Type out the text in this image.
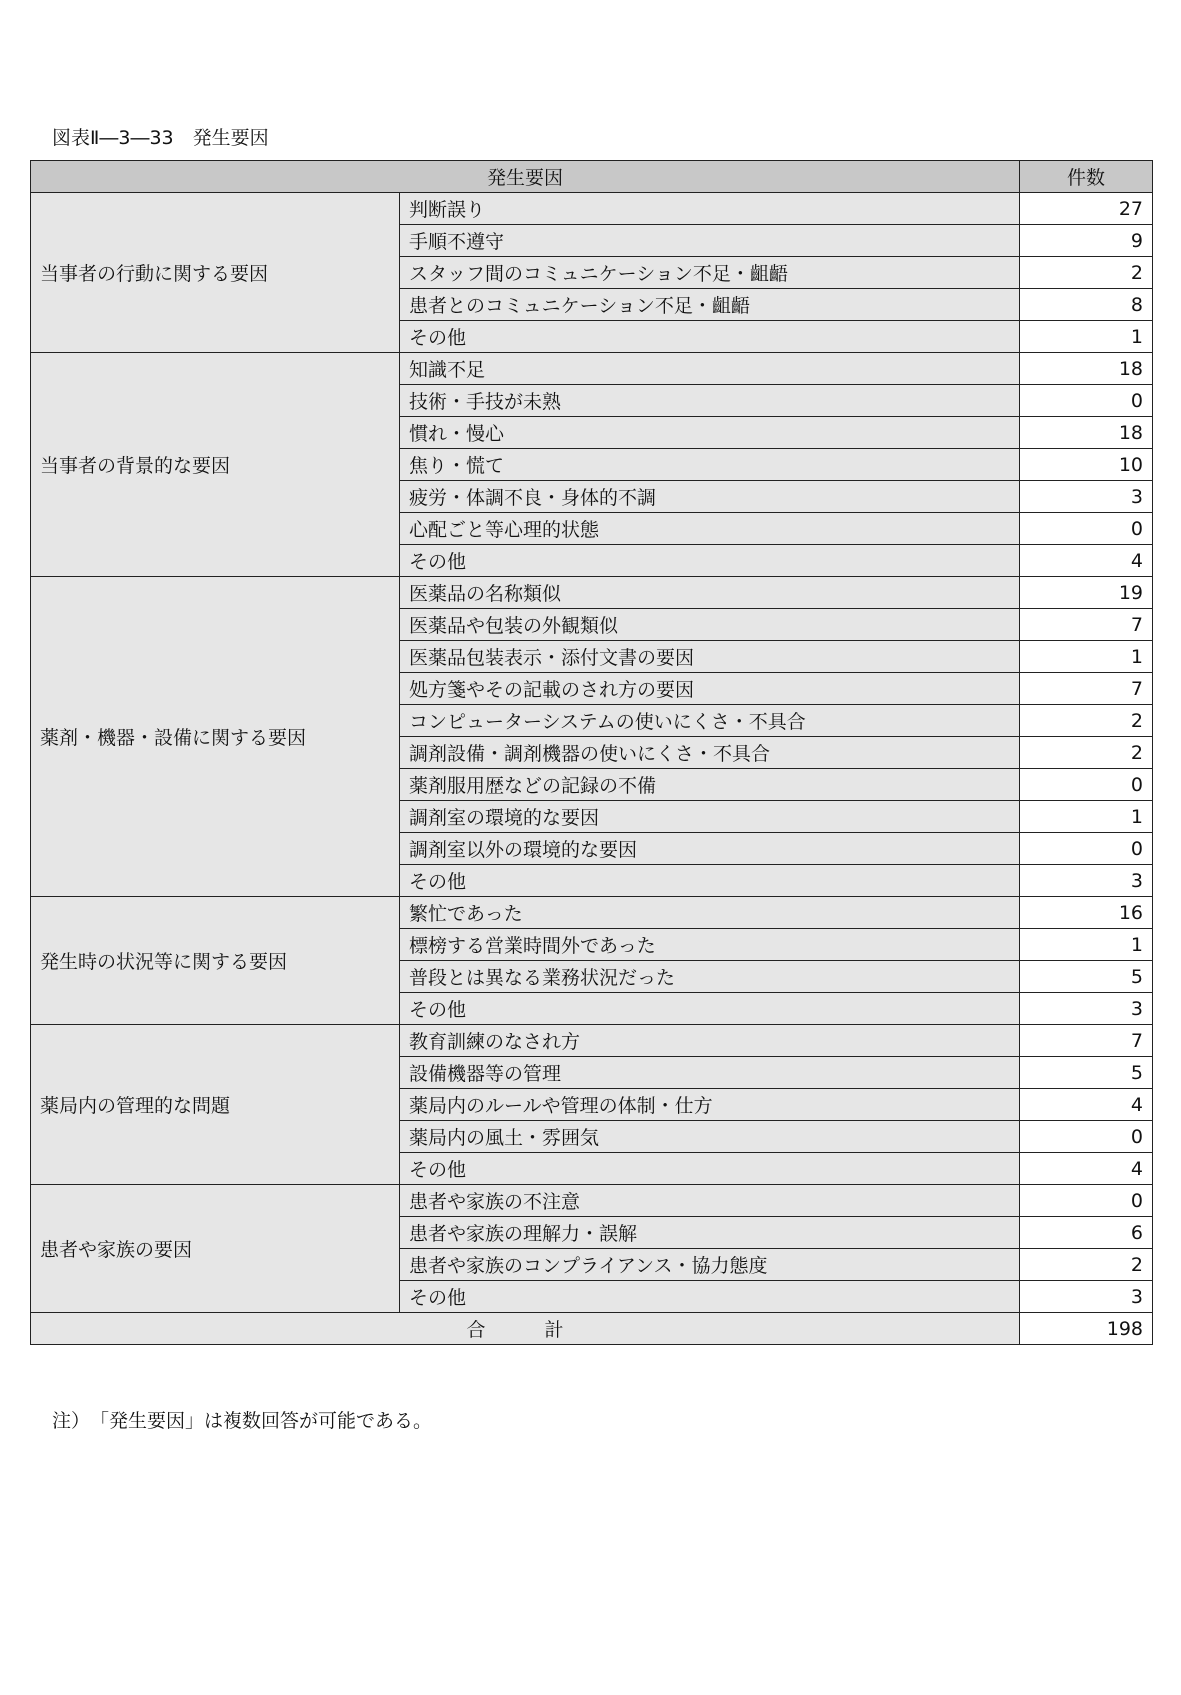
図表Ⅱ―3―33　発生要因
発生要因		件数
当事者の行動に関する要因	判断誤り	27
	手順不遵守	9
	スタッフ間のコミュニケーション不足・齟齬	2
	患者とのコミュニケーション不足・齟齬	8
	その他	1
当事者の背景的な要因	知識不足	18
	技術・手技が未熟	0
	慣れ・慢心	18
	焦り・慌て	10
	疲労・体調不良・身体的不調	3
	心配ごと等心理的状態	0
	その他	4
薬剤・機器・設備に関する要因	医薬品の名称類似	19
	医薬品や包装の外観類似	7
	医薬品包装表示・添付文書の要因	1
	処方箋やその記載のされ方の要因	7
	コンピューターシステムの使いにくさ・不具合	2
	調剤設備・調剤機器の使いにくさ・不具合	2
	薬剤服用歴などの記録の不備	0
	調剤室の環境的な要因	1
	調剤室以外の環境的な要因	0
	その他	3
発生時の状況等に関する要因	繁忙であった	16
	標榜する営業時間外であった	1
	普段とは異なる業務状況だった	5
	その他	3
薬局内の管理的な問題	教育訓練のなされ方	7
	設備機器等の管理	5
	薬局内のルールや管理の体制・仕方	4
	薬局内の風土・雰囲気	0
	その他	4
患者や家族の要因	患者や家族の不注意	0
	患者や家族の理解力・誤解	6
	患者や家族のコンプライアンス・協力態度	2
	その他	3
合　計		198
注）　「発生要因」は複数回答が可能である。
